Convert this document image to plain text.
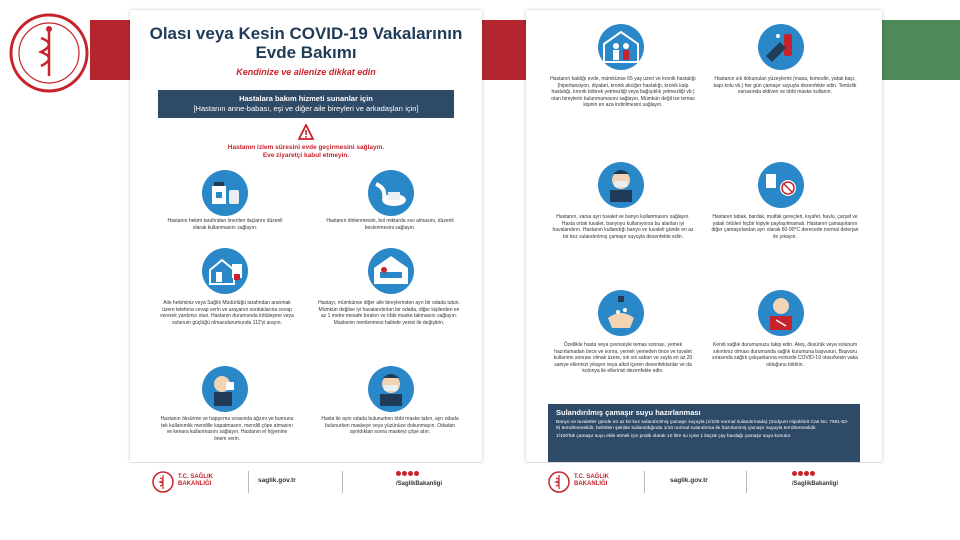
Olası veya Kesin COVID-19 Vakalarının
Evde Bakımı
Kendinize ve ailenize dikkat edin
Hastalara bakım hizmeti sunanlar için
[Hastanın anne-babası, eşi ve diğer aile bireyleri ve arkadaşları için]
Hastanın izlem süresini evde geçirmesini sağlayın.
Eve ziyaretçi kabul etmeyin.
Hastanın hekim tarafından önerilen ilaçlarını düzenli olarak kullanmasını sağlayın.
Hastanın dinlenmesini, bol miktarda sıvı almasını, düzenli beslenmesini sağlayın.
Aile hekiminiz veya Sağlık Müdürlüğü tarafından aranmak üzere telefona cevap verin ve arayanın sorduklarına cevap vererek yardımcı olun. Hastanın durumunda kötüleşme veya solunum güçlüğü olmasıdurumunda 112'yi arayın.
Hastayı, mümkünse diğer aile bireylerinden ayrı bir odada tutun. Mümkün değilse iyi havalandırılan bir odada, diğer kişilerden en az 1 metre mesafe bırakın ve tıbbi maske takmasını sağlayın. Maskenin nemlenmesi halinde yenisi ile değiştirin.
Hastanın öksürme ve hapşırma sırasında ağzını ve burnunu tek kullanımlık mendille kapatmasını, mendili çöpe atmasını ve kenara kullanmasını sağlayın. Hastanın el hijyenine önem verin.
Hasta ile aynı odada bulunurken tıbbi maske takın, ayrı odada bulunurken maskeye veya yüzünüze dokunmayın. Odadan ayrıldıktan sonra maskeyi çöpe atın.
T.C. SAĞLIK
BAKANLIĞI	saglik.gov.tr	/SaglikBakanligi
Hastanın kaldığı evde, mümkünse 65 yaş üzeri ve kronik hastalığı (hipertansiyon, diyabet, kronik akciğer hastalığı, kronik kalp hastalığı, kronik böbrek yetmezliği veya bağışıklık yetmezliği vb.) olan bireylerin bulunmamasını sağlayın. Mümkün değil ise temas kişinin en aza indirilmesini sağlayın.
Hastanın sık dokunulan yüzeylerini (masa, komodin, yatak başı, kapı kolu vb.) her gün çamaşır suyuyla dezenfekte edin. Temizlik esnasında eldiven ve tıbbi maske kullanın.
Hastanın, varsa ayrı tuvalet ve banyo kullanmasını sağlayın. Hasta ortak tuvalet, banyoyu kullanıyorsa bu alanları iyi havalandırın. Hastanın kullandığı banyo ve tuvaleti günde en az bir kez sulandırılmış çamaşır suyuyla dezenfekte edin.
Hastanın tabak, bardak, mutfak gereçleri, kıyafet, havlu, çarşaf ve yatak örtüleri hiçbir kişiyle paylaşılmamalı. Hastanın çamaşırlarını diğer çamaşırlardan ayrı olarak 60-90°C derecede normal deterjan ile yıkayın.
Özellikle hasta veya çevresiyle temas sonrası, yemek hazırlamadan önce ve sonra, yemek yemeden önce ve tuvalet kullanımı sonrası olmak üzere, sık sık sabun ve suyla en az 20 saniye ellerinizi yıkayın veya alkol içeren dezenfektanlar ve da kolonya ile ellerinizi dezenfekte edin.
Kendi sağlık durumunuzu takip edin. Ateş, öksürük veya solunum sıkıntınız olması durumunda sağlık kurumuna başvurun. Başvuru sırasında sağlık çalışanlarına evinizde COVID-19 olası/kesin vaka olduğunu bildirin.
Sulandırılmış çamaşır suyu hazırlanması
Banyo ve tuvaletler günde en az bir kez sulandırılmış çamaşır suyuyla (1/100 normal sulandırmada) (Sodyum Hipoklorit Cas No: 7681-52-9) temizlenmelidir, belirtilen şekilde kullanıldığında 1/10 normal sulandırma ile hazırlanmış çamaşır suyuyla temizlenmelidir.
1/100'lük çamaşır suyu elde etmek için pratik olarak 10 litre su içine 1 küçük çay bardağı çamaşır suyu konulur.
T.C. SAĞLIK
BAKANLIĞI	saglik.gov.tr	/SaglikBakanligi
